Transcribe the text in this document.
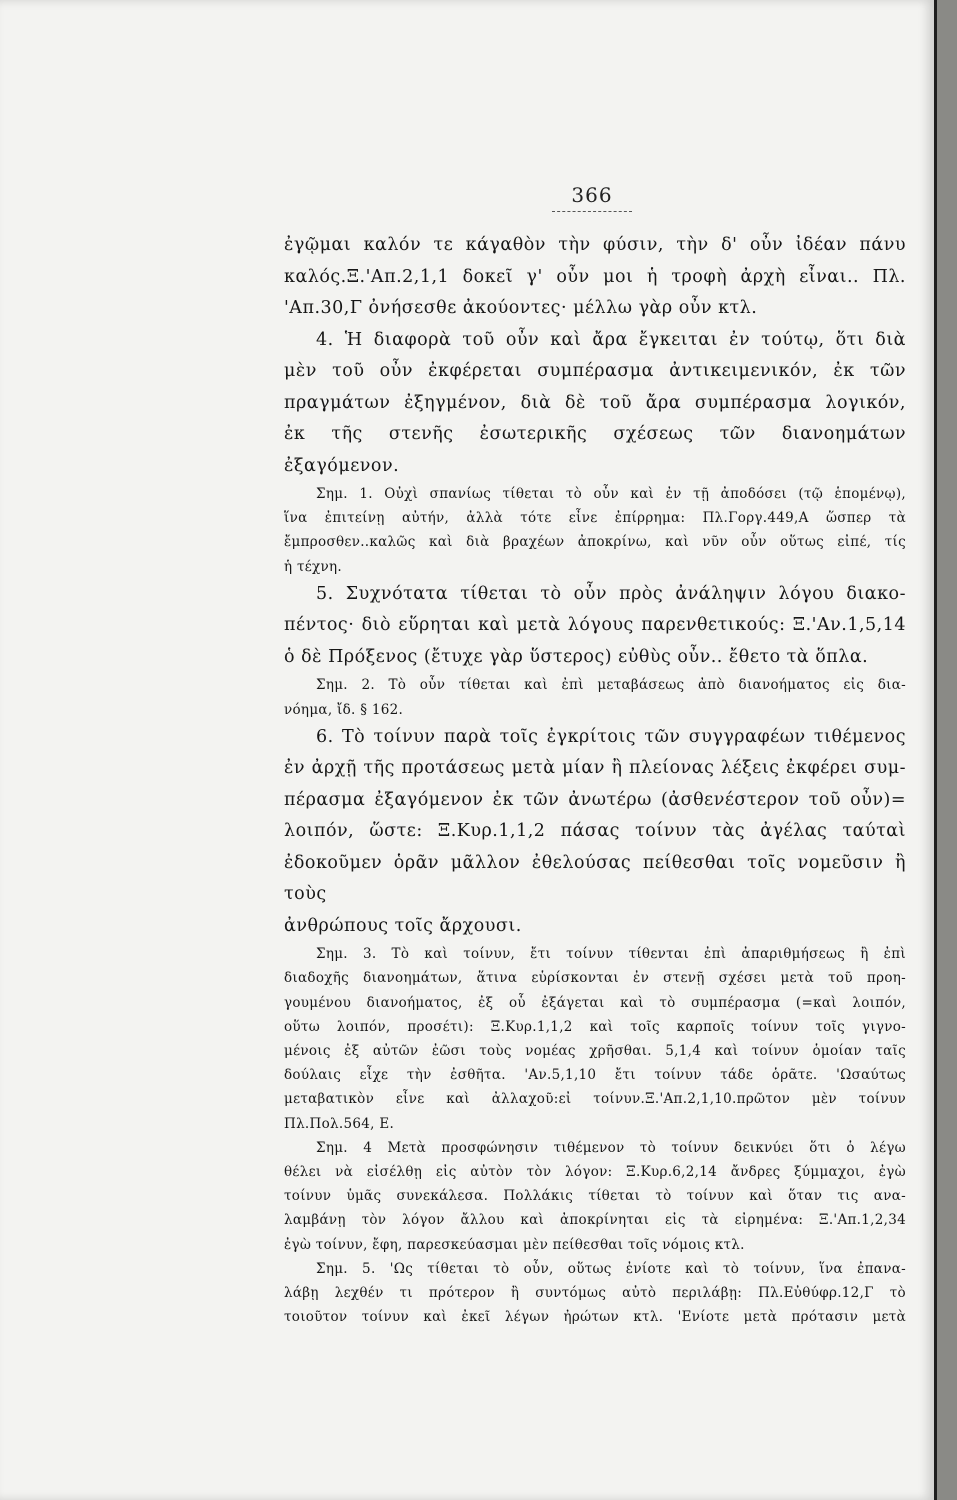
366

ἐγῷμαι καλόν τε κάγαθὸν τὴν φύσιν, τὴν δ' οὖν ἰδέαν πάνυ

καλός.Ξ.'Απ.2,1,1 δοκεῖ γ' οὖν μοι ἡ τροφὴ ἀρχὴ εἶναι.. Πλ.

'Απ.30,Γ ὀνήσεσθε ἀκούοντες· μέλλω γὰρ οὖν κτλ.

4. Ἡ διαφορὰ τοῦ οὖν καὶ ἄρα ἔγκειται ἐν τούτῳ, ὅτι διὰ

μὲν τοῦ οὖν ἐκφέρεται συμπέρασμα ἀντικειμενικόν, ἐκ τῶν

πραγμάτων ἐξηγμένον, διὰ δὲ τοῦ ἄρα συμπέρασμα λογικόν,

ἐκ τῆς στενῆς ἐσωτερικῆς σχέσεως τῶν διανοημάτων ἐξαγόμενον.

Σημ. 1. Οὐχὶ σπανίως τίθεται τὸ οὖν καὶ ἐν τῇ ἀποδόσει (τῷ ἑπομένῳ),

ἵνα ἐπιτείνῃ αὐτήν, ἀλλὰ τότε εἶνε ἐπίρρημα: Πλ.Γοργ.449,Α ὥσπερ τὰ

ἔμπροσθεν..καλῶς καὶ διὰ βραχέων ἀποκρίνω, καὶ νῦν οὖν οὕτως εἰπέ, τίς

ἡ τέχνη.

5. Συχνότατα τίθεται τὸ οὖν πρὸς ἀνάληψιν λόγου διακο-

πέντος· διὸ εὕρηται καὶ μετὰ λόγους παρενθετικούς: Ξ.'Αν.1,5,14

ὁ δὲ Πρόξενος (ἔτυχε γὰρ ὕστερος) εὐθὺς οὖν.. ἔθετο τὰ ὅπλα.

Σημ. 2. Τὸ οὖν τίθεται καὶ ἐπὶ μεταβάσεως ἀπὸ διανοήματος εἰς δια-

νόημα, ἴδ. § 162.

6. Τὸ τοίνυν παρὰ τοῖς ἐγκρίτοις τῶν συγγραφέων τιθέμενος

ἐν ἀρχῇ τῆς προτάσεως μετὰ μίαν ἢ πλείονας λέξεις ἐκφέρει συμ-

πέρασμα ἐξαγόμενον ἐκ τῶν ἀνωτέρω (ἀσθενέστερον τοῦ οὖν)=

λοιπόν, ὥστε: Ξ.Κυρ.1,1,2 πάσας τοίνυν τὰς ἀγέλας ταύταὶ

ἐδοκοῦμεν ὁρᾶν μᾶλλον ἐθελούσας πείθεσθαι τοῖς νομεῦσιν ἢ τοὺς

ἀνθρώπους τοῖς ἄρχουσι.

Σημ. 3. Τὸ καὶ τοίνυν, ἔτι τοίνυν τίθενται ἐπὶ ἀπαριθμήσεως ἢ ἐπὶ

διαδοχῆς διανοημάτων, ἅτινα εὑρίσκονται ἐν στενῇ σχέσει μετὰ τοῦ προη-

γουμένου διανοήματος, ἐξ οὗ ἐξάγεται καὶ τὸ συμπέρασμα (=καὶ λοιπόν,

οὕτω λοιπόν, προσέτι): Ξ.Κυρ.1,1,2 καὶ τοῖς καρποῖς τοίνυν τοῖς γιγνο-

μένοις ἐξ αὐτῶν ἐῶσι τοὺς νομέας χρῆσθαι. 5,1,4 καὶ τοίνυν ὁμοίαν ταῖς

δούλαις εἶχε τὴν ἐσθῆτα. 'Αν.5,1,10 ἔτι τοίνυν τάδε ὁρᾶτε. 'Ωσαύτως

μεταβατικὸν εἶνε καὶ ἀλλαχοῦ:εἰ τοίνυν.Ξ.'Απ.2,1,10.πρῶτον μὲν τοίνυν

Πλ.Πολ.564, Ε.

Σημ. 4 Μετὰ προσφώνησιν τιθέμενον τὸ τοίνυν δεικνύει ὅτι ὁ λέγω

θέλει νὰ εἰσέλθῃ εἰς αὐτὸν τὸν λόγον: Ξ.Κυρ.6,2,14 ἄνδρες ξύμμαχοι, ἐγὼ

τοίνυν ὑμᾶς συνεκάλεσα. Πολλάκις τίθεται τὸ τοίνυν καὶ ὅταν τις ανα-

λαμβάνῃ τὸν λόγον ἄλλου καὶ ἀποκρίνηται εἰς τὰ εἰρημένα: Ξ.'Απ.1,2,34

ἐγὼ τοίνυν, ἔφη, παρεσκεύασμαι μὲν πείθεσθαι τοῖς νόμοις κτλ.

Σημ. 5. 'Ως τίθεται τὸ οὖν, οὕτως ἐνίοτε καὶ τὸ τοίνυν, ἵνα ἐπανα-

λάβῃ λεχθέν τι πρότερον ἢ συντόμως αὐτὸ περιλάβῃ: Πλ.Εὐθύφρ.12,Γ τὸ

τοιοῦτον τοίνυν καὶ ἐκεῖ λέγων ἠρώτων κτλ. 'Ενίοτε μετὰ πρότασιν μετὰ
